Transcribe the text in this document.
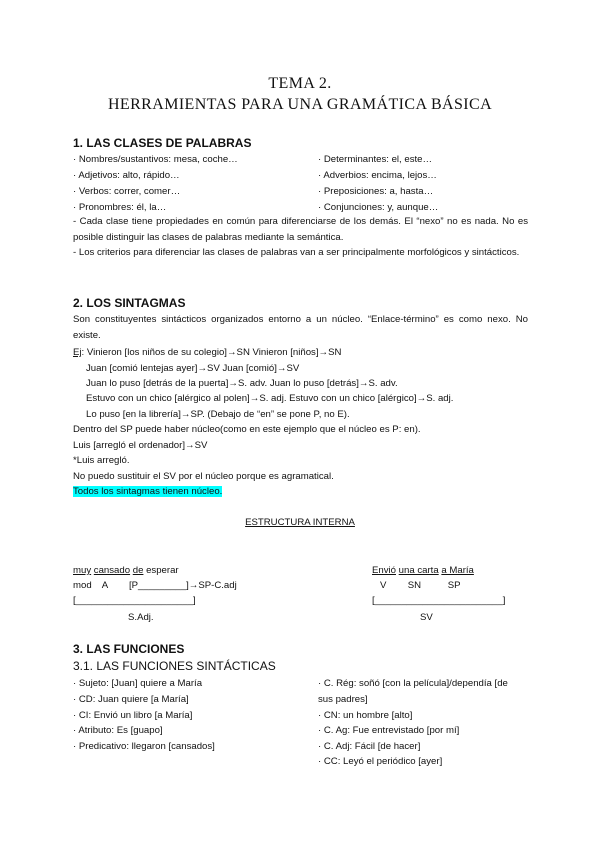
TEMA 2.
HERRAMIENTAS PARA UNA GRAMÁTICA BÁSICA
1. LAS CLASES DE PALABRAS
· Nombres/sustantivos: mesa, coche…
· Adjetivos: alto, rápido…
· Verbos: correr, comer…
· Pronombres: él, la…
· Determinantes: el, este…
· Adverbios: encima, lejos…
· Preposiciones: a, hasta…
· Conjunciones: y, aunque…
- Cada clase tiene propiedades en común para diferenciarse de los demás. El “nexo” no es nada. No es posible distinguir las clases de palabras mediante la semántica.
- Los criterios para diferenciar las clases de palabras van a ser principalmente morfológicos y sintácticos.
2. LOS SINTAGMAS
Son constituyentes sintácticos organizados entorno a un núcleo. “Enlace-término” es como nexo. No existe.
Ej: Vinieron [los niños de su colegio]→SN Vinieron [niños]→SN
Juan [comió lentejas ayer]→SV Juan [comió]→SV
Juan lo puso [detrás de la puerta]→S. adv. Juan lo puso [detrás]→S. adv.
Estuvo con un chico [alérgico al polen]→S. adj. Estuvo con un chico [alérgico]→S. adj.
Lo puso [en la librería]→SP. (Debajo de “en” se pone P, no E).
Dentro del SP puede haber núcleo(como en este ejemplo que el núcleo es P: en).
Luis [arregló el ordenador]→SV
*Luis arregló.
No puedo sustituir el SV por el núcleo porque es agramatical.
Todos los sintagmas tienen núcleo.
ESTRUCTURA INTERNA
muy cansado de esperar
mod    A        [P_________]→SP-C.adj
[______________________]
S.Adj.
Envió una carta a María
V        SN          SP
[________________________]
SV
3. LAS FUNCIONES
3.1. LAS FUNCIONES SINTÁCTICAS
· Sujeto: [Juan] quiere a María
· CD: Juan quiere [a María]
· CI: Envió un libro [a María]
· Atributo: Es [guapo]
· Predicativo: llegaron [cansados]
· C. Rég: soñó [con la película]/dependía [de
sus padres]
· CN: un hombre [alto]
· C. Ag: Fue entrevistado [por mí]
· C. Adj: Fácil [de hacer]
· CC: Leyó el periódico [ayer]
